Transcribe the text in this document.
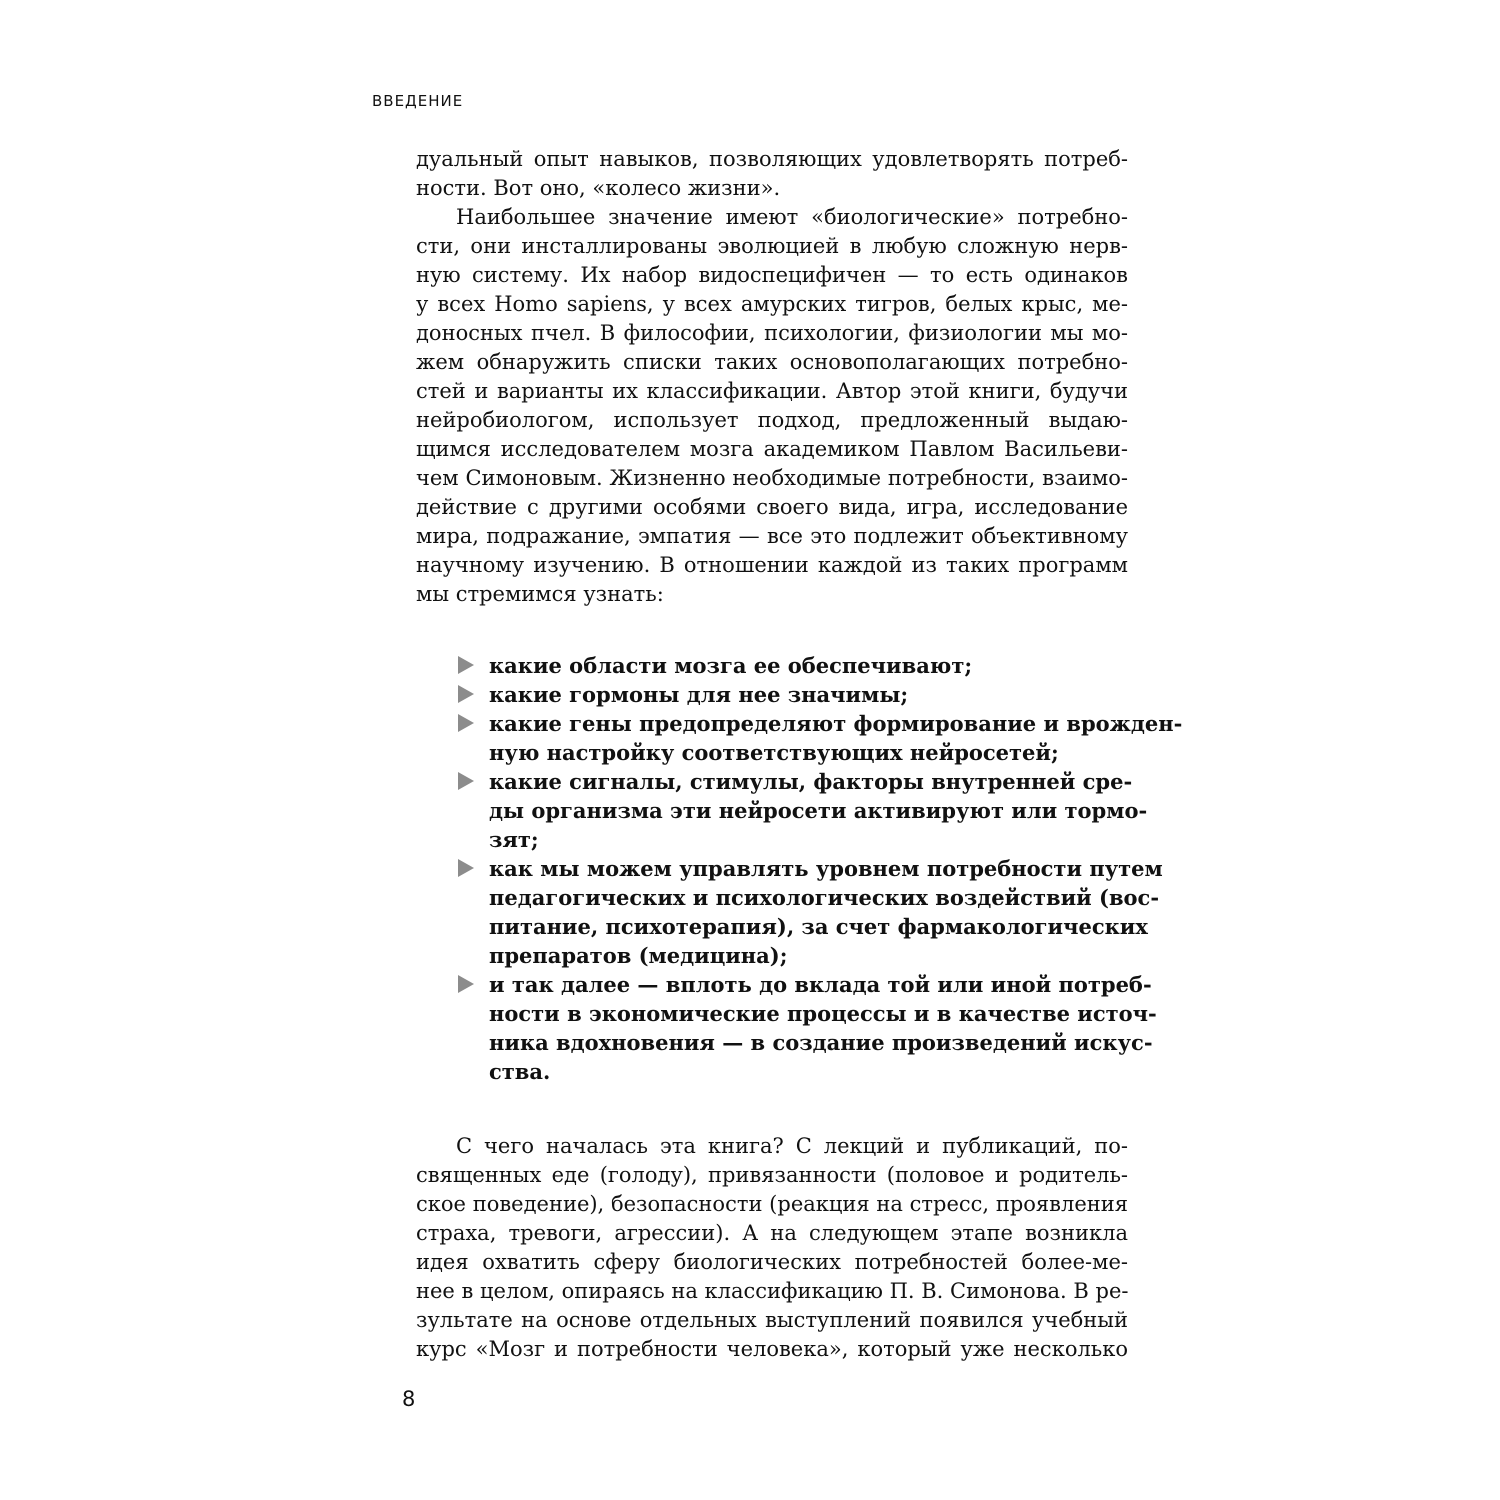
ВВЕДЕНИЕ
дуальный опыт навыков, позволяющих удовлетворять потреб-
ности. Вот оно, «колесо жизни».
Наибольшее значение имеют «биологические» потребно-
сти, они инсталлированы эволюцией в любую сложную нерв-
ную систему. Их набор видоспецифичен — то есть одинаков
у всех Homo sapiens, у всех амурских тигров, белых крыс, ме-
доносных пчел. В философии, психологии, физиологии мы мо-
жем обнаружить списки таких основополагающих потребно-
стей и варианты их классификации. Автор этой книги, будучи
нейробиологом, использует подход, предложенный выдаю-
щимся исследователем мозга академиком Павлом Васильеви-
чем Симоновым. Жизненно необходимые потребности, взаимо-
действие с другими особями своего вида, игра, исследование
мира, подражание, эмпатия — все это подлежит объективному
научному изучению. В отношении каждой из таких программ
мы стремимся узнать:
какие области мозга ее обеспечивают;
какие гормоны для нее значимы;
какие гены предопределяют формирование и врожден-
ную настройку соответствующих нейросетей;
какие сигналы, стимулы, факторы внутренней сре-
ды организма эти нейросети активируют или тормо-
зят;
как мы можем управлять уровнем потребности путем
педагогических и психологических воздействий (вос-
питание, психотерапия), за счет фармакологических
препаратов (медицина);
и так далее — вплоть до вклада той или иной потреб-
ности в экономические процессы и в качестве источ-
ника вдохновения — в создание произведений искус-
ства.
С чего началась эта книга? С лекций и публикаций, по-
священных еде (голоду), привязанности (половое и родитель-
ское поведение), безопасности (реакция на стресс, проявления
страха, тревоги, агрессии). А на следующем этапе возникла
идея охватить сферу биологических потребностей более-ме-
нее в целом, опираясь на классификацию П. В. Симонова. В ре-
зультате на основе отдельных выступлений появился учебный
курс «Мозг и потребности человека», который уже несколько
8
